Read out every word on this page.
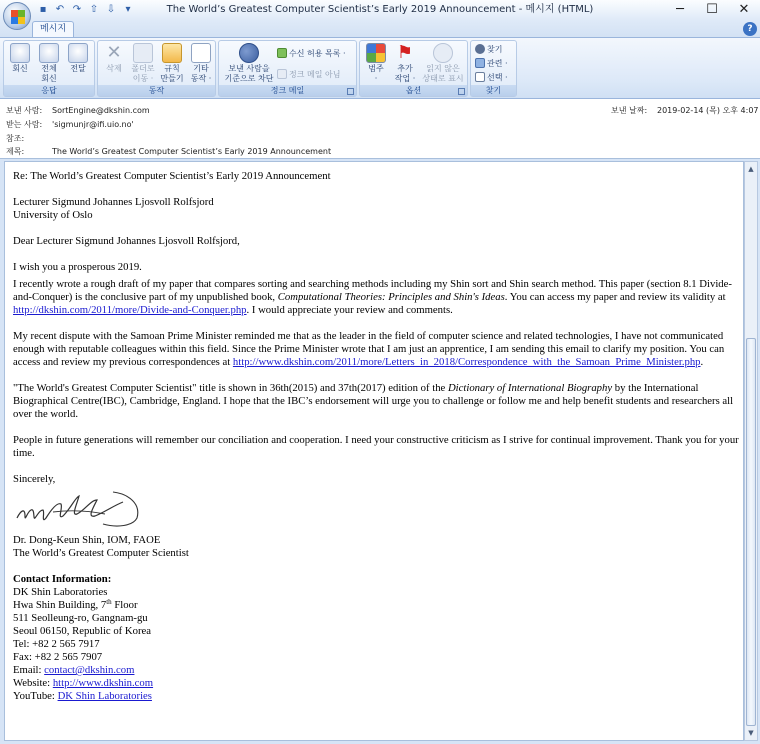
▪ ↶ ↷ ⇧ ⇩	▾	The World’s Greatest Computer Scientist’s Early 2019 Announcement - 메시지 (HTML)	─	☐	✕
메시지	?
회신	전체
회신
전달
응답
✕
삭제	폴더로
이동 ·
규칙
만들기
기타
동작 ·
동작
보낸 사람을
기준으로 차단
수신 허용 목록 ·
정크 메일 아님
정크 메일
범주
·
⚑
추가
작업 ·
읽지 않은
상태로 표시
옵션
찾기
관련 ·
선택 ·
찾기
보낸 사람: SortEngine@dkshin.com
받는 사람: 'sigmunjr@ifi.uio.no'
참조:
제목:	The World’s Greatest Computer Scientist’s Early 2019 Announcement
보낸 날짜: 2019-02-14 (목) 오후 4:07

Re: The World’s Greatest Computer Scientist’s Early 2019 Announcement

Lecturer Sigmund Johannes Ljosvoll Rolfsjord
University of Oslo

Dear Lecturer Sigmund Johannes Ljosvoll Rolfsjord,

I wish you a prosperous 2019.

I recently wrote a rough draft of my paper that compares sorting and searching methods including my Shin sort and Shin search method. This paper (section 8.1 Divide-and-Conquer) is the conclusive part of my unpublished book, Computational Theories: Principles and Shin's Ideas. You can access my paper and review its validity at http://dkshin.com/2011/more/Divide-and-Conquer.php. I would appreciate your review and comments.

My recent dispute with the Samoan Prime Minister reminded me that as the leader in the field of computer science and related technologies, I have not communicated enough with reputable colleagues within this field. Since the Prime Minister wrote that I am just an apprentice, I am sending this email to clarify my position. You can access and review my previous correspondences at http://www.dkshin.com/2011/more/Letters_in_2018/Correspondence_with_the_Samoan_Prime_Minister.php.

"The World's Greatest Computer Scientist" title is shown in 36th(2015) and 37th(2017) edition of the Dictionary of International Biography by the International Biographical Centre(IBC), Cambridge, England. I hope that the IBC’s endorsement will urge you to challenge or follow me and help benefit students and researchers all over the world.

People in future generations will remember our conciliation and cooperation. I need your constructive criticism as I strive for continual improvement. Thank you for your time.

Sincerely,

Dr. Dong-Keun Shin, IOM, FAOE
The World’s Greatest Computer Scientist

Contact Information:

DK Shin Laboratories

Hwa Shin Building, 7th Floor

511 Seolleung-ro, Gangnam-gu

Seoul 06150, Republic of Korea

Tel: +82 2 565 7917

Fax: +82 2 565 7907

Email: contact@dkshin.com

Website: http://www.dkshin.com

YouTube: DK Shin Laboratories

▲
▼
